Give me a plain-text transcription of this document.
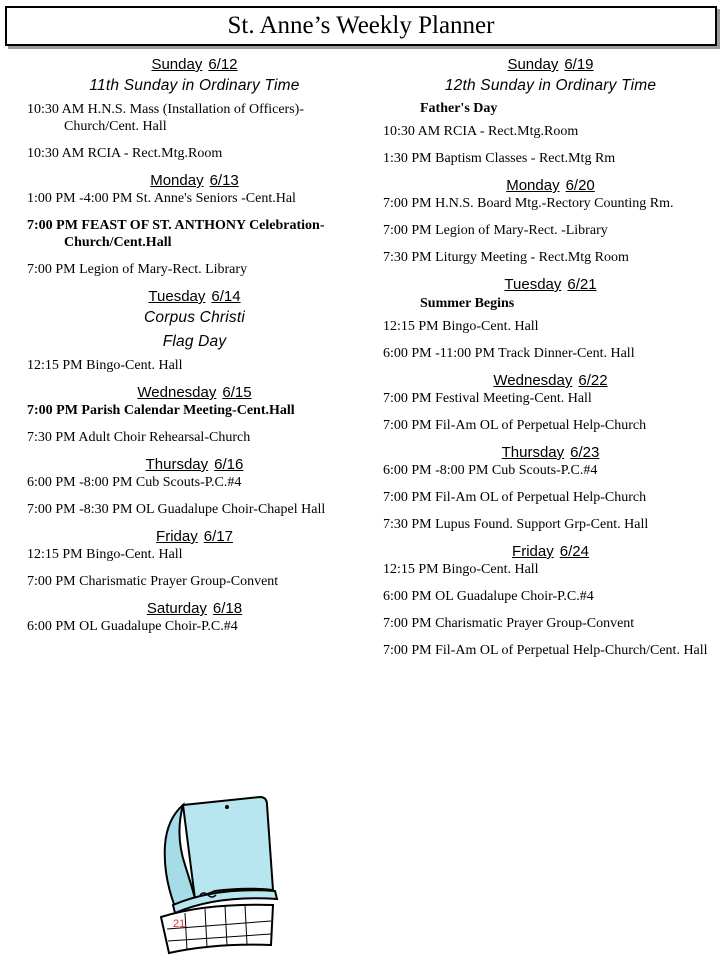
St. Anne’s Weekly Planner
Sunday 6/12
11th Sunday in Ordinary Time
10:30 AM H.N.S. Mass (Installation of Officers)-Church/Cent. Hall
10:30 AM RCIA - Rect.Mtg.Room
Monday 6/13
1:00 PM -4:00 PM St. Anne's Seniors -Cent.Hal
7:00 PM FEAST OF ST. ANTHONY Celebration-Church/Cent.Hall
7:00 PM Legion of Mary-Rect. Library
Tuesday 6/14
Corpus Christi
Flag Day
12:15 PM Bingo-Cent. Hall
Wednesday 6/15
7:00 PM Parish Calendar Meeting-Cent.Hall
7:30 PM Adult Choir Rehearsal-Church
Thursday 6/16
6:00 PM -8:00 PM Cub Scouts-P.C.#4
7:00 PM -8:30 PM OL Guadalupe Choir-Chapel Hall
Friday 6/17
12:15 PM Bingo-Cent. Hall
7:00 PM Charismatic Prayer Group-Convent
Saturday 6/18
6:00 PM OL Guadalupe Choir-P.C.#4
Sunday 6/19
12th Sunday in Ordinary Time
Father's Day
10:30 AM RCIA - Rect.Mtg.Room
1:30 PM Baptism Classes - Rect.Mtg Rm
Monday 6/20
7:00 PM H.N.S. Board Mtg.-Rectory Counting Rm.
7:00 PM Legion of Mary-Rect. -Library
7:30 PM Liturgy Meeting - Rect.Mtg Room
Tuesday 6/21
Summer Begins
12:15 PM Bingo-Cent. Hall
6:00 PM -11:00 PM Track Dinner-Cent. Hall
Wednesday 6/22
7:00 PM Festival Meeting-Cent. Hall
7:00 PM Fil-Am OL of Perpetual Help-Church
Thursday 6/23
6:00 PM -8:00 PM Cub Scouts-P.C.#4
7:00 PM Fil-Am OL of Perpetual Help-Church
7:30 PM Lupus Found. Support Grp-Cent. Hall
Friday 6/24
12:15 PM Bingo-Cent. Hall
6:00 PM OL Guadalupe Choir-P.C.#4
7:00 PM Charismatic Prayer Group-Convent
7:00 PM Fil-Am OL of Perpetual Help-Church/Cent. Hall
21
